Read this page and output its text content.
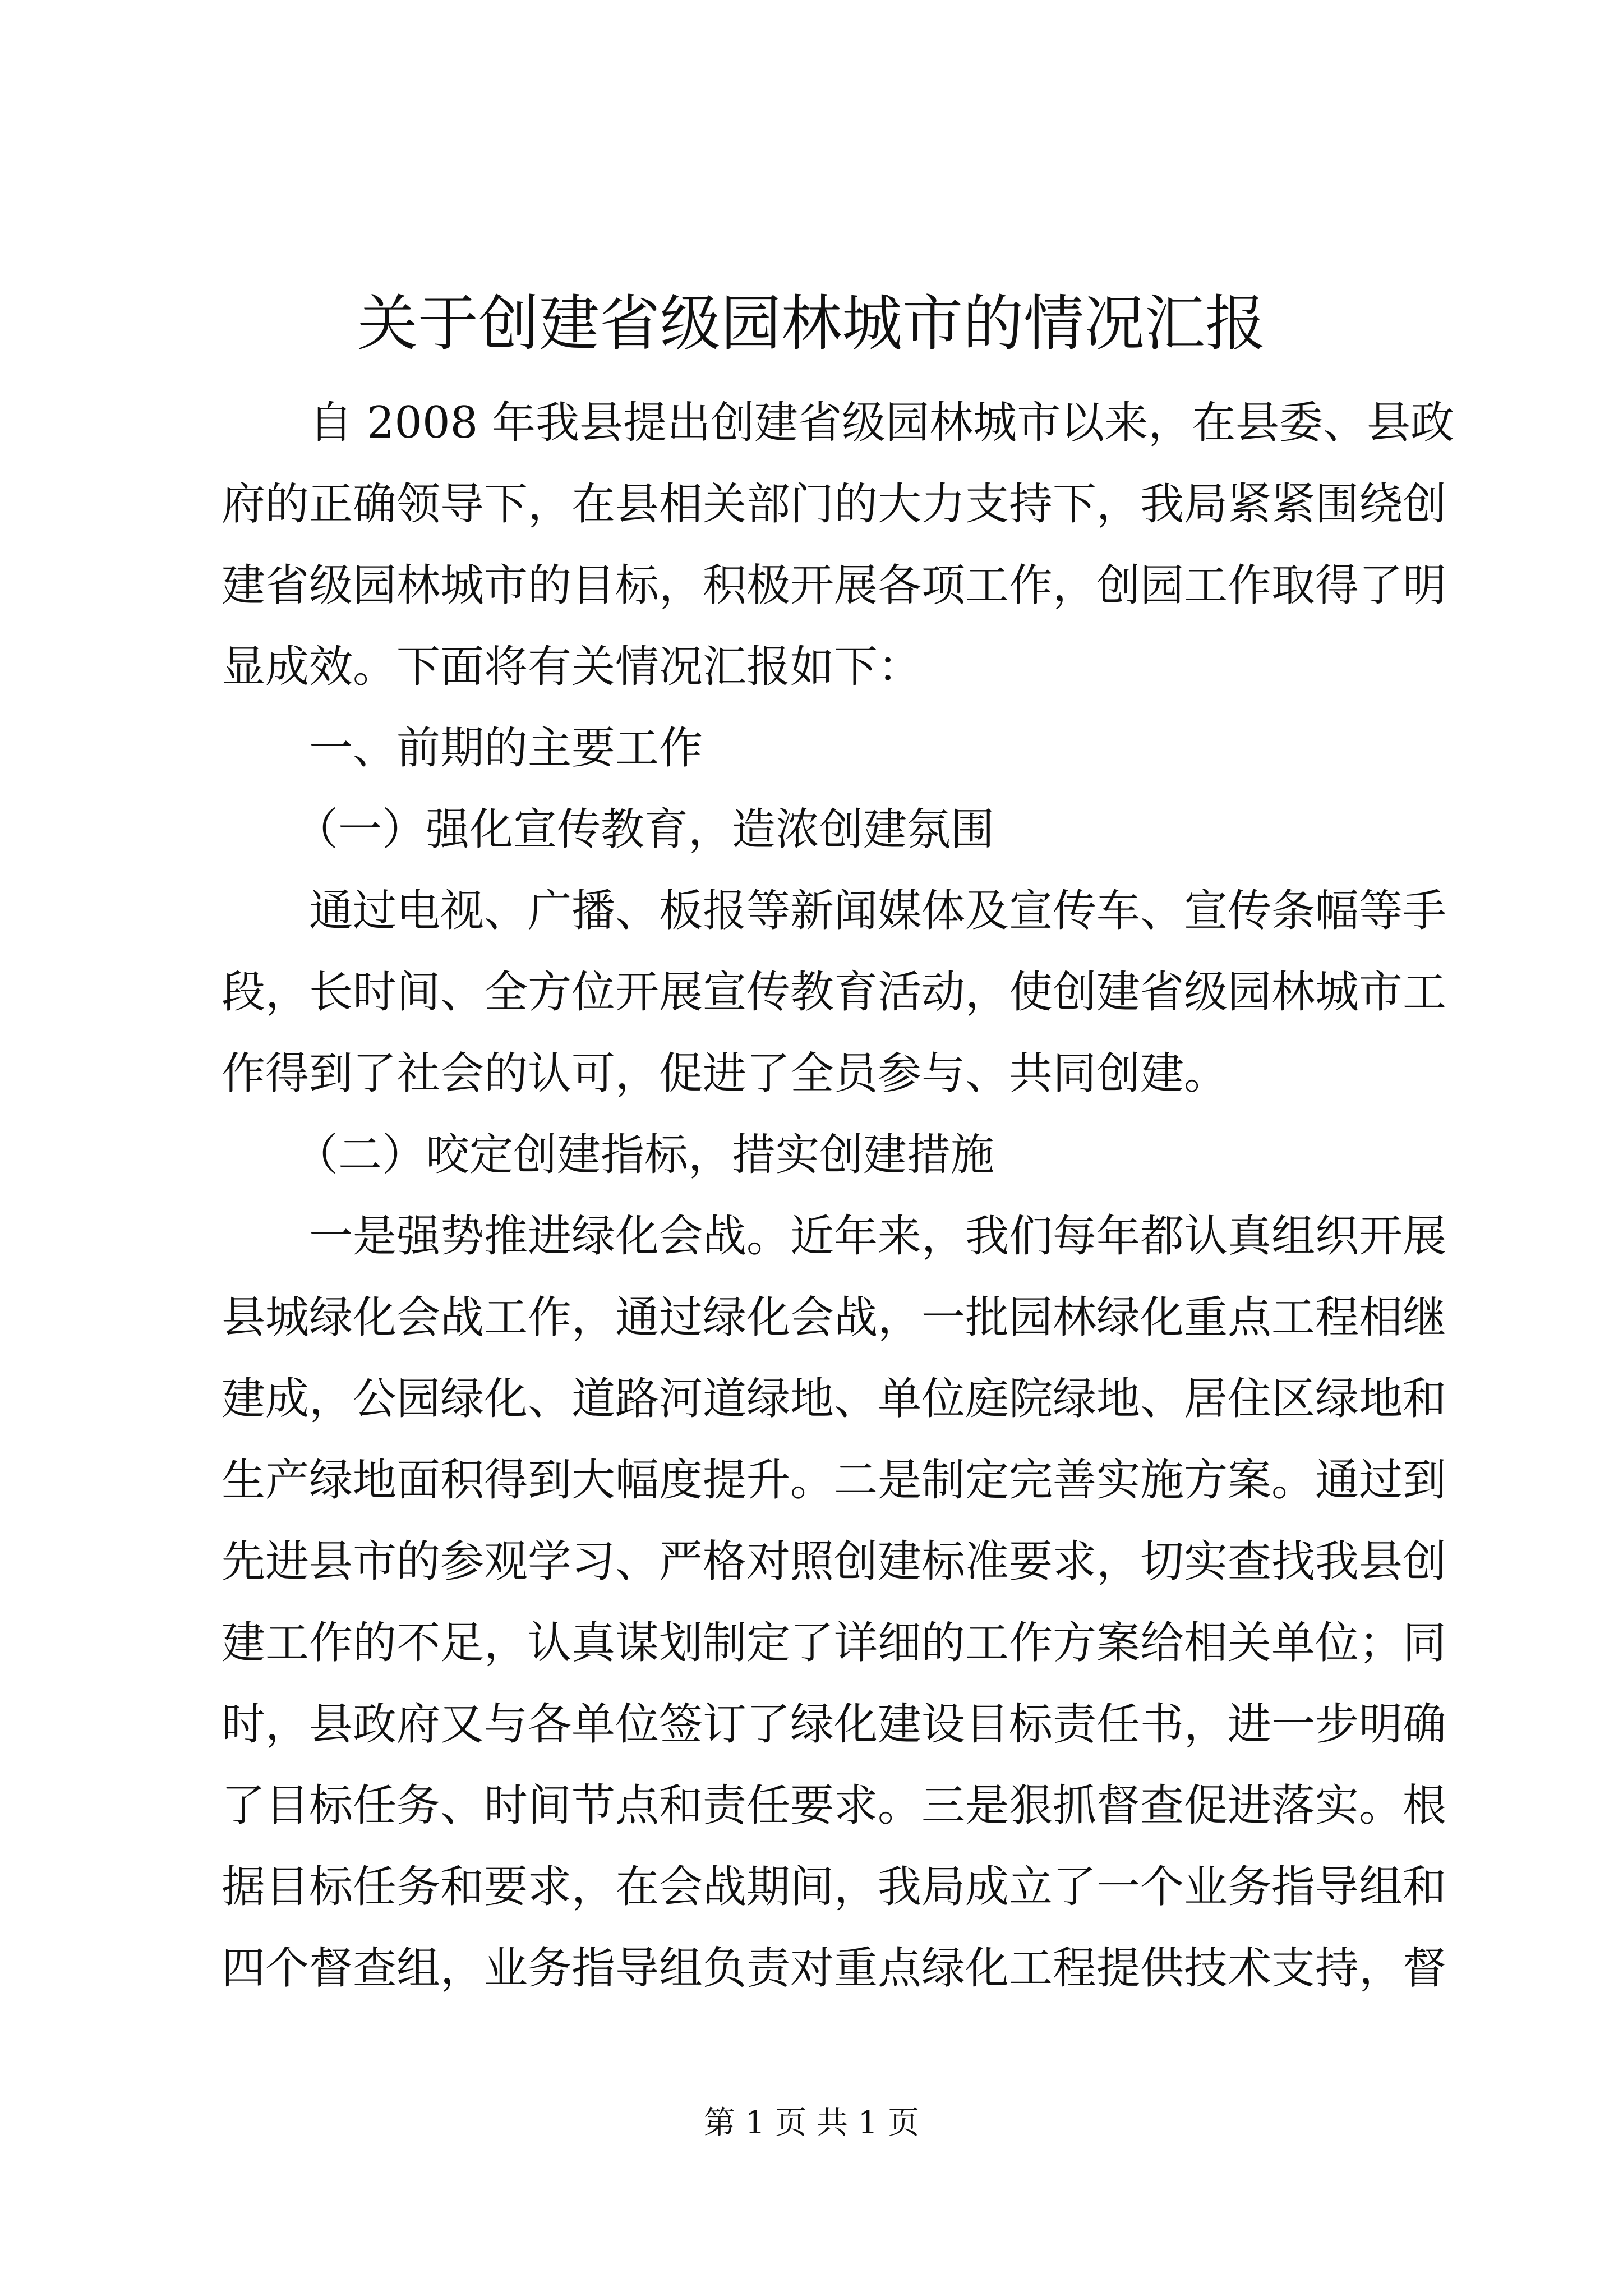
关于创建省级园林城市的情况汇报

自 2008 年我县提出创建省级园林城市以来，在县委、县政

府的正确领导下，在县相关部门的大力支持下，我局紧紧围绕创

建省级园林城市的目标，积极开展各项工作，创园工作取得了明

显成效。下面将有关情况汇报如下：

一、前期的主要工作

（一）强化宣传教育，造浓创建氛围

通过电视、广播、板报等新闻媒体及宣传车、宣传条幅等手

段，长时间、全方位开展宣传教育活动，使创建省级园林城市工

作得到了社会的认可，促进了全员参与、共同创建。

（二）咬定创建指标，措实创建措施

一是强势推进绿化会战。近年来，我们每年都认真组织开展

县城绿化会战工作，通过绿化会战，一批园林绿化重点工程相继

建成，公园绿化、道路河道绿地、单位庭院绿地、居住区绿地和

生产绿地面积得到大幅度提升。二是制定完善实施方案。通过到

先进县市的参观学习、严格对照创建标准要求，切实查找我县创

建工作的不足，认真谋划制定了详细的工作方案给相关单位；同

时，县政府又与各单位签订了绿化建设目标责任书，进一步明确

了目标任务、时间节点和责任要求。三是狠抓督查促进落实。根

据目标任务和要求，在会战期间，我局成立了一个业务指导组和

四个督查组，业务指导组负责对重点绿化工程提供技术支持，督

第 1 页 共 1 页
